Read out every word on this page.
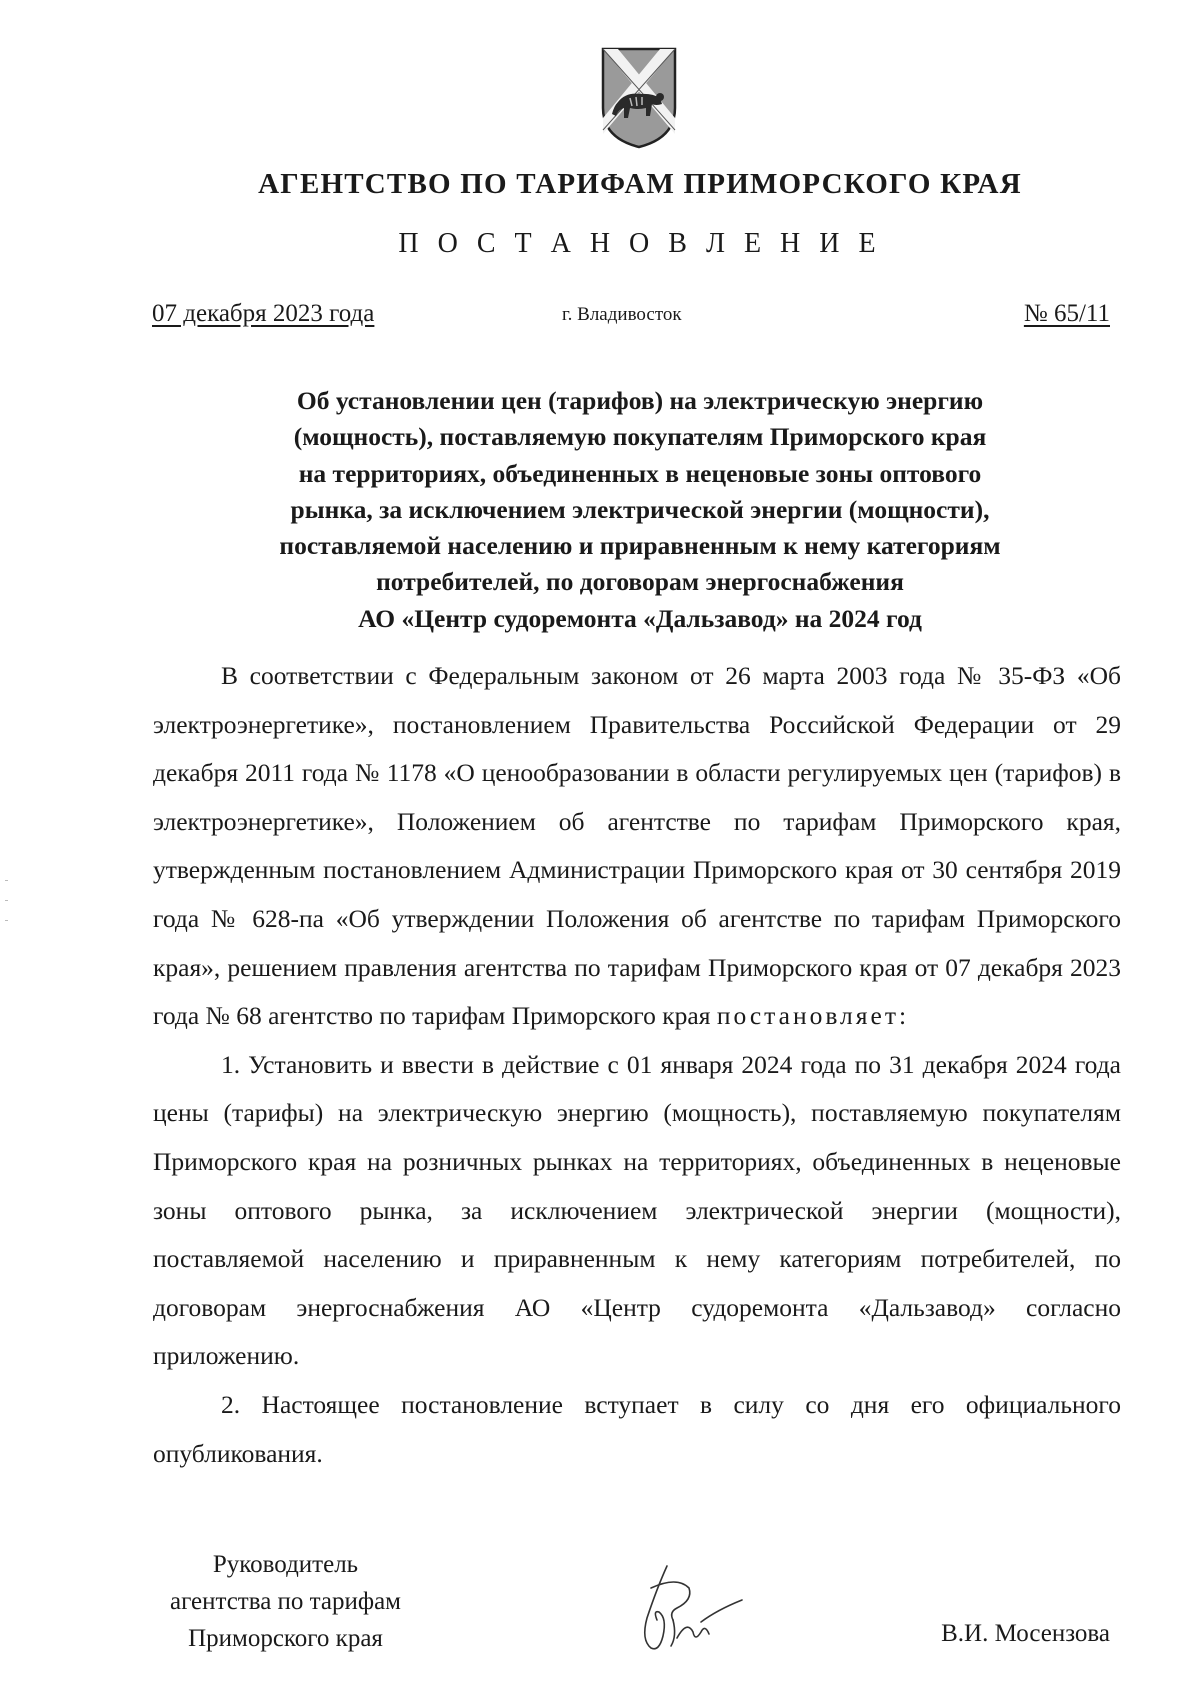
АГЕНТСТВО ПО ТАРИФАМ ПРИМОРСКОГО КРАЯ
П О С Т А Н О В Л Е Н И Е
07 декабря 2023 года	г. Владивосток	№ 65/11
Об установлении цен (тарифов) на электрическую энергию
(мощность), поставляемую покупателям Приморского края
на территориях, объединенных в неценовые зоны оптового
рынка, за исключением электрической энергии (мощности),
поставляемой населению и приравненным к нему категориям
потребителей, по договорам энергоснабжения
АО «Центр судоремонта «Дальзавод» на 2024 год

В соответствии с Федеральным законом от 26 марта 2003 года № 35-ФЗ «Об электроэнергетике», постановлением Правительства Российской Федерации от 29 декабря 2011 года № 1178 «О ценообразовании в области регулируемых цен (тарифов) в электроэнергетике», Положением об агентстве по тарифам Приморского края, утвержденным постановлением Администрации Приморского края от 30 сентября 2019 года № 628-па «Об утверждении Положения об агентстве по тарифам Приморского края», решением правления агентства по тарифам Приморского края от 07 декабря 2023 года № 68 агентство по тарифам Приморского края постановляет:

1. Установить и ввести в действие с 01 января 2024 года по 31 декабря 2024 года цены (тарифы) на электрическую энергию (мощность), поставляемую покупателям Приморского края на розничных рынках на территориях, объединенных в неценовые зоны оптового рынка, за исключением электрической энергии (мощности), поставляемой населению и приравненным к нему категориям потребителей, по договорам энергоснабжения АО «Центр судоремонта «Дальзавод» согласно приложению.

2. Настоящее постановление вступает в силу со дня его официального опубликования.

Руководитель
агентства по тарифам
Приморского края	В.И. Мосензова
